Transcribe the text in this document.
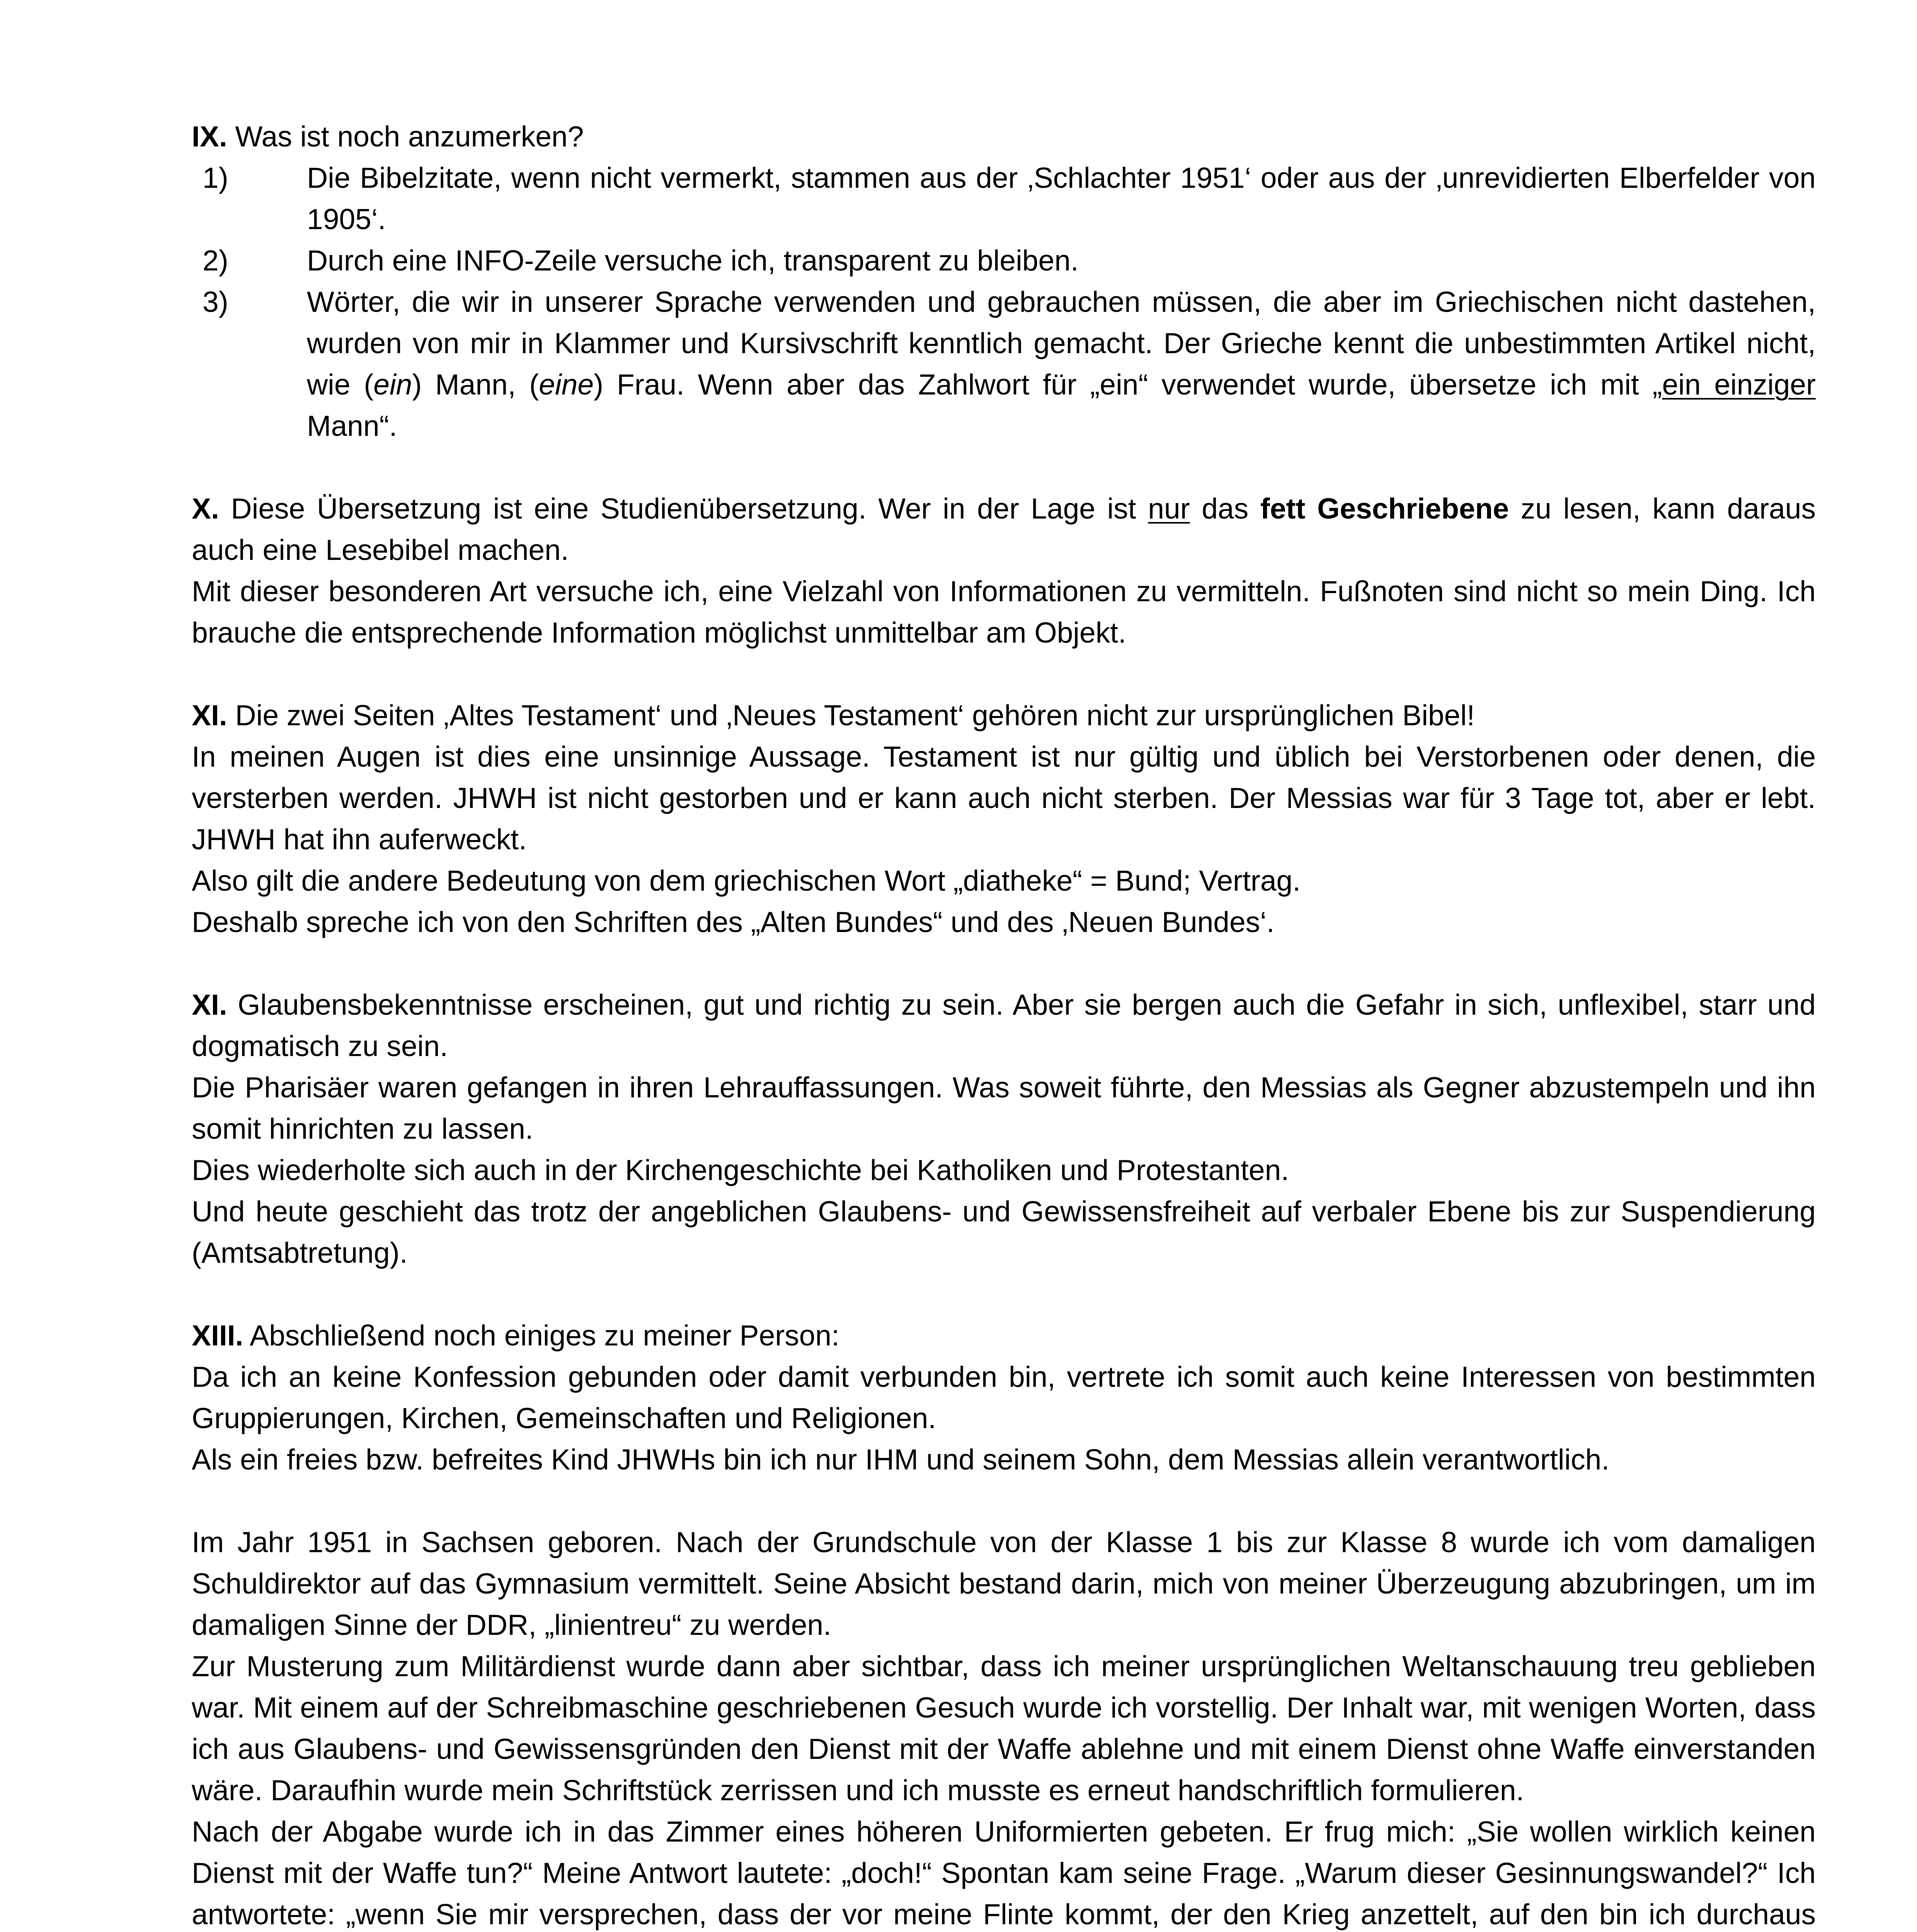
IX. Was ist noch anzumerken?

1)	Die Bibelzitate, wenn nicht vermerkt, stammen aus der ‚Schlachter 1951‘ oder aus der ‚unrevidierten Elberfelder von 1905‘.
2)	Durch eine INFO-Zeile versuche ich, transparent zu bleiben.
3)	Wörter, die wir in unserer Sprache verwenden und gebrauchen müssen, die aber im Griechischen nicht dastehen, wurden von mir in Klammer und Kursivschrift kenntlich gemacht. Der Grieche kennt die unbestimmten Artikel nicht, wie (ein) Mann, (eine) Frau. Wenn aber das Zahlwort für „ein“ verwendet wurde, übersetze ich mit „ein einziger Mann“.

X. Diese Übersetzung ist eine Studienübersetzung. Wer in der Lage ist nur das fett Geschriebene zu lesen, kann daraus auch eine Lesebibel machen.

Mit dieser besonderen Art versuche ich, eine Vielzahl von Informationen zu vermitteln. Fußnoten sind nicht so mein Ding. Ich brauche die entsprechende Information möglichst unmittelbar am Objekt.

XI. Die zwei Seiten ‚Altes Testament‘ und ‚Neues Testament‘ gehören nicht zur ursprünglichen Bibel!

In meinen Augen ist dies eine unsinnige Aussage. Testament ist nur gültig und üblich bei Verstorbenen oder denen, die versterben werden. JHWH ist nicht gestorben und er kann auch nicht sterben. Der Messias war für 3 Tage tot, aber er lebt. JHWH hat ihn auferweckt.

Also gilt die andere Bedeutung von dem griechischen Wort „diatheke“ = Bund; Vertrag.

Deshalb spreche ich von den Schriften des „Alten Bundes“ und des ‚Neuen Bundes‘.

XI. Glaubensbekenntnisse erscheinen, gut und richtig zu sein. Aber sie bergen auch die Gefahr in sich, unflexibel, starr und dogmatisch zu sein.

Die Pharisäer waren gefangen in ihren Lehrauffassungen. Was soweit führte, den Messias als Gegner abzustempeln und ihn somit hinrichten zu lassen.

Dies wiederholte sich auch in der Kirchengeschichte bei Katholiken und Protestanten.

Und heute geschieht das trotz der angeblichen Glaubens- und Gewissensfreiheit auf verbaler Ebene bis zur Suspendierung (Amtsabtretung).

XIII. Abschließend noch einiges zu meiner Person:

Da ich an keine Konfession gebunden oder damit verbunden bin, vertrete ich somit auch keine Interessen von bestimmten Gruppierungen, Kirchen, Gemeinschaften und Religionen.

Als ein freies bzw. befreites Kind JHWHs bin ich nur IHM und seinem Sohn, dem Messias allein verantwortlich.

Im Jahr 1951 in Sachsen geboren. Nach der Grundschule von der Klasse 1 bis zur Klasse 8 wurde ich vom damaligen Schuldirektor auf das Gymnasium vermittelt. Seine Absicht bestand darin, mich von meiner Überzeugung abzubringen, um im damaligen Sinne der DDR, „linientreu“ zu werden.

Zur Musterung zum Militärdienst wurde dann aber sichtbar, dass ich meiner ursprünglichen Weltanschauung treu geblieben war. Mit einem auf der Schreibmaschine geschriebenen Gesuch wurde ich vorstellig. Der Inhalt war, mit wenigen Worten, dass ich aus Glaubens- und Gewissensgründen den Dienst mit der Waffe ablehne und mit einem Dienst ohne Waffe einverstanden wäre. Daraufhin wurde mein Schriftstück zerrissen und ich musste es erneut handschriftlich formulieren.

Nach der Abgabe wurde ich in das Zimmer eines höheren Uniformierten gebeten. Er frug mich: „Sie wollen wirklich keinen Dienst mit der Waffe tun?“ Meine Antwort lautete: „doch!“ Spontan kam seine Frage. „Warum dieser Gesinnungswandel?“ Ich antwortete: „wenn Sie mir versprechen, dass der vor meine Flinte kommt, der den Krieg anzettelt, auf den bin ich durchaus
